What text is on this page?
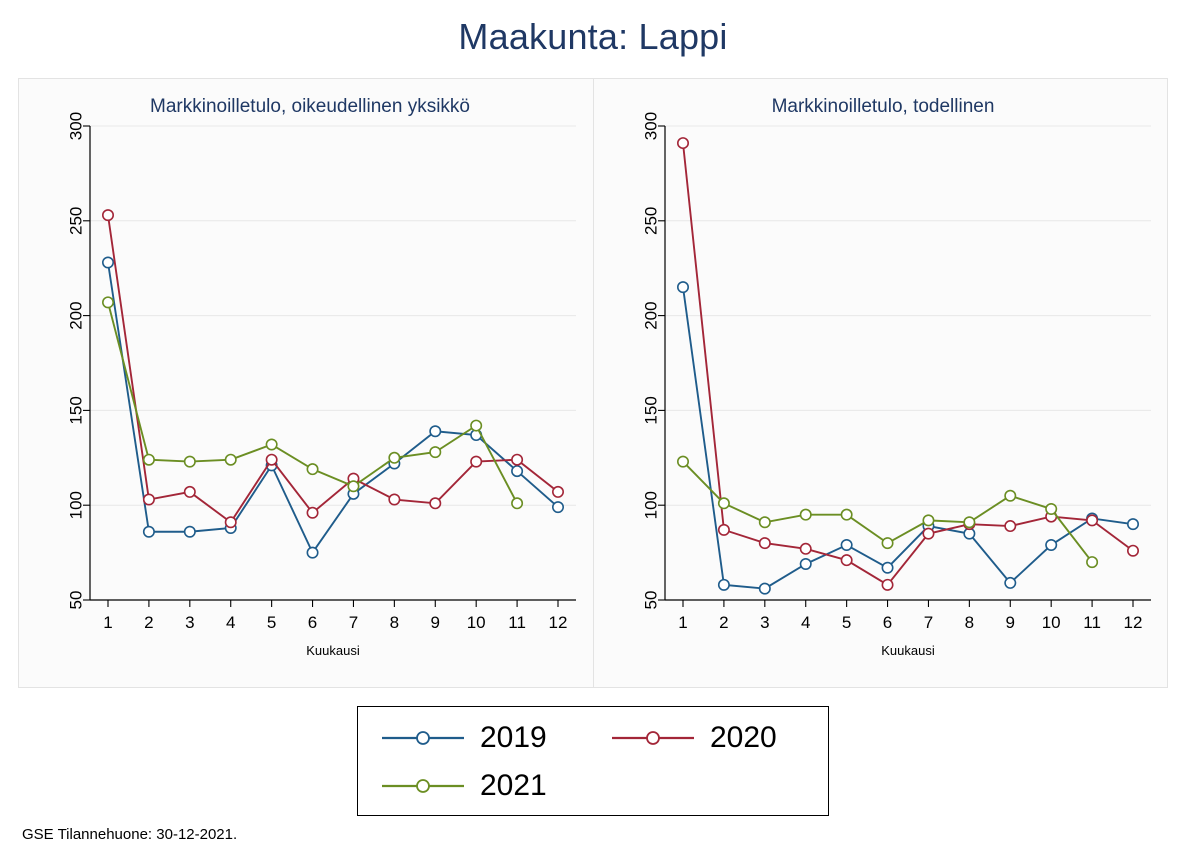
Maakunta: Lappi
Markkinoilletulo, oikeudellinen yksikkö	Markkinoilletulo, todellinen
50
100
150
200
250
300
1 2 3 4 5 6 7 8 9 10 11 12
Kuukausi
50
100
150
200
250
300
1 2 3 4 5 6 7 8 9 10 11 12
Kuukausi
2019	2020
2021
GSE Tilannehuone: 30-12-2021.
